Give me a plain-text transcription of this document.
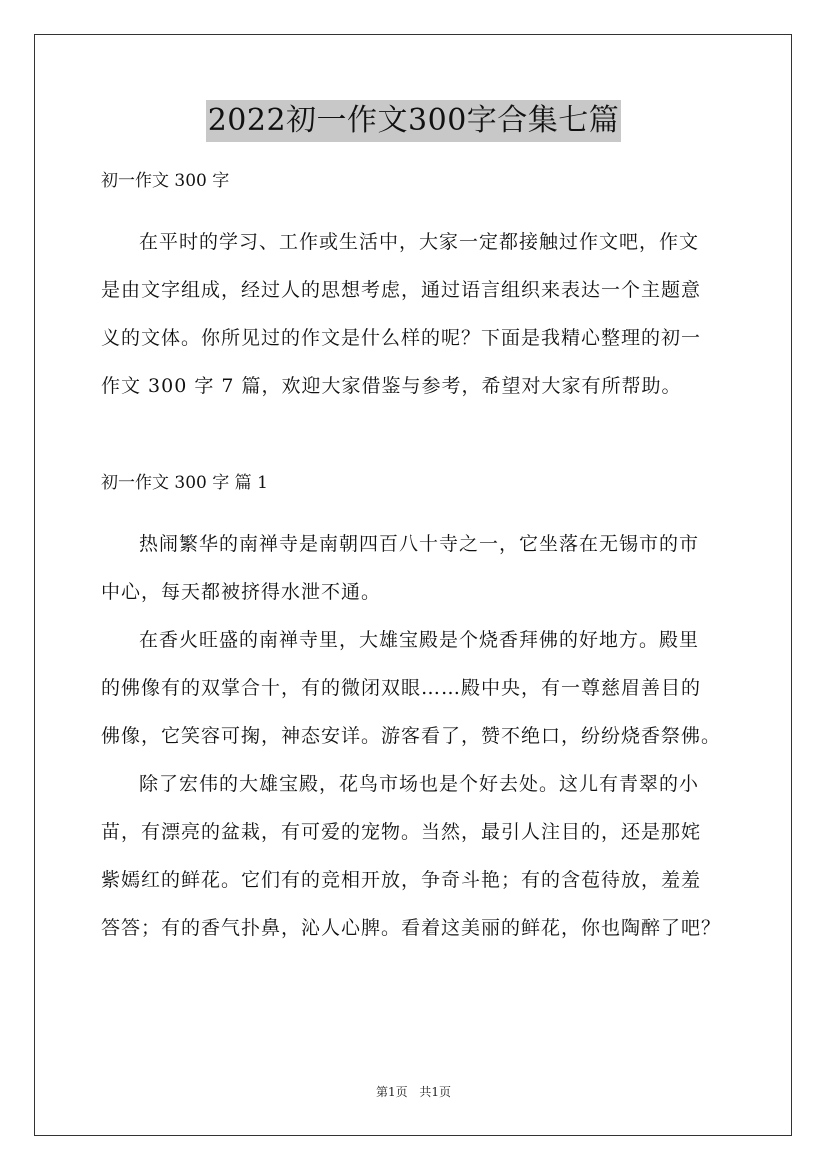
2022初一作文300字合集七篇

初一作文 300 字

在平时的学习、工作或生活中，大家一定都接触过作文吧，作文
是由文字组成，经过人的思想考虑，通过语言组织来表达一个主题意
义的文体。你所见过的作文是什么样的呢？下面是我精心整理的初一
作文 300 字 7 篇，欢迎大家借鉴与参考，希望对大家有所帮助。

初一作文 300 字 篇 1

热闹繁华的南禅寺是南朝四百八十寺之一，它坐落在无锡市的市
中心，每天都被挤得水泄不通。
在香火旺盛的南禅寺里，大雄宝殿是个烧香拜佛的好地方。殿里
的佛像有的双掌合十，有的微闭双眼……殿中央，有一尊慈眉善目的
佛像，它笑容可掬，神态安详。游客看了，赞不绝口，纷纷烧香祭佛。
除了宏伟的大雄宝殿，花鸟市场也是个好去处。这儿有青翠的小
苗，有漂亮的盆栽，有可爱的宠物。当然，最引人注目的，还是那姹
紫嫣红的鲜花。它们有的竞相开放，争奇斗艳；有的含苞待放，羞羞
答答；有的香气扑鼻，沁人心脾。看着这美丽的鲜花，你也陶醉了吧？
第1页 共1页
